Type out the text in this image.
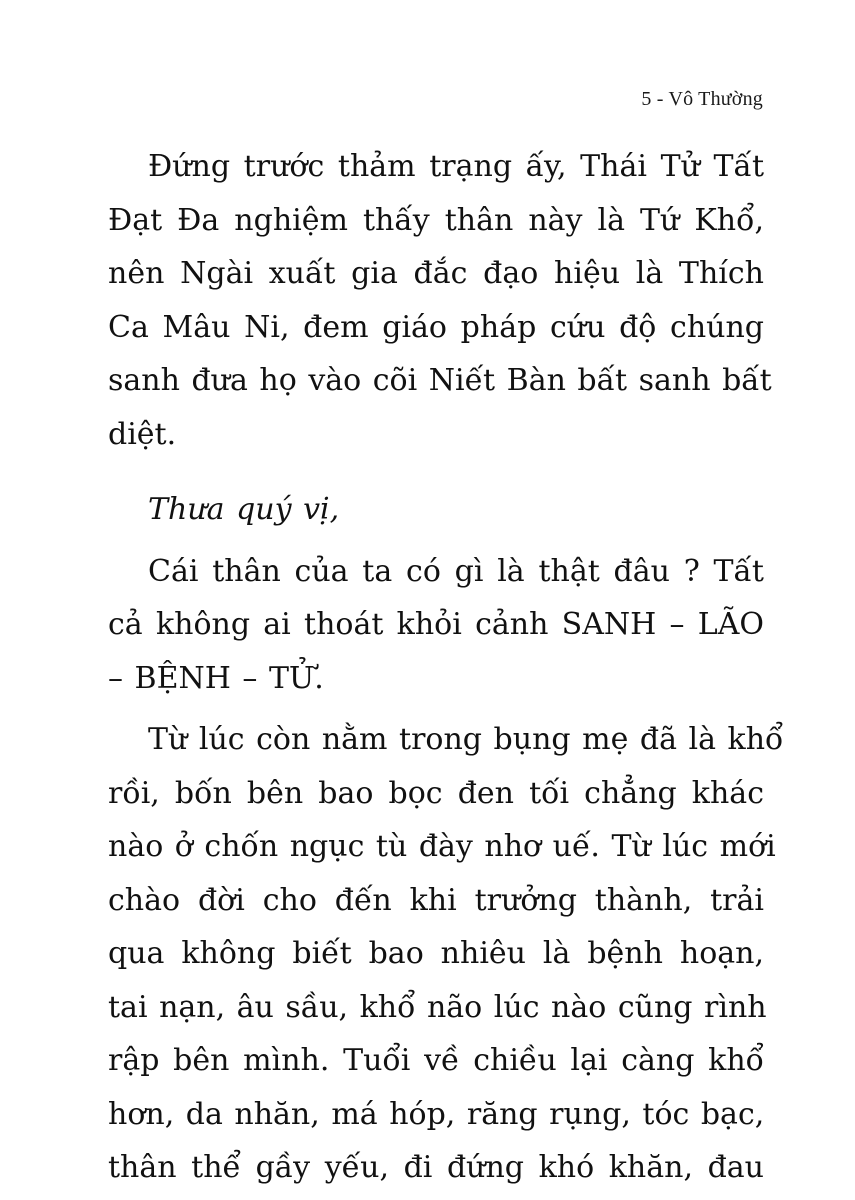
5 - Vô Thường
Đứng trước thảm trạng ấy, Thái Tử Tất
Đạt Đa nghiệm thấy thân này là Tứ Khổ,
nên Ngài xuất gia đắc đạo hiệu là Thích
Ca Mâu Ni, đem giáo pháp cứu độ chúng
sanh đưa họ vào cõi Niết Bàn bất sanh bất
diệt.
Thưa quý vị,
Cái thân của ta có gì là thật đâu ? Tất
cả không ai thoát khỏi cảnh SANH – LÃO
– BỆNH – TỬ.
Từ lúc còn nằm trong bụng mẹ đã là khổ
rồi, bốn bên bao bọc đen tối chẳng khác
nào ở chốn ngục tù đày nhơ uế. Từ lúc mới
chào đời cho đến khi trưởng thành, trải
qua không biết bao nhiêu là bệnh hoạn,
tai nạn, âu sầu, khổ não lúc nào cũng rình
rập bên mình. Tuổi về chiều lại càng khổ
hơn, da nhăn, má hóp, răng rụng, tóc bạc,
thân thể gầy yếu, đi đứng khó khăn, đau
